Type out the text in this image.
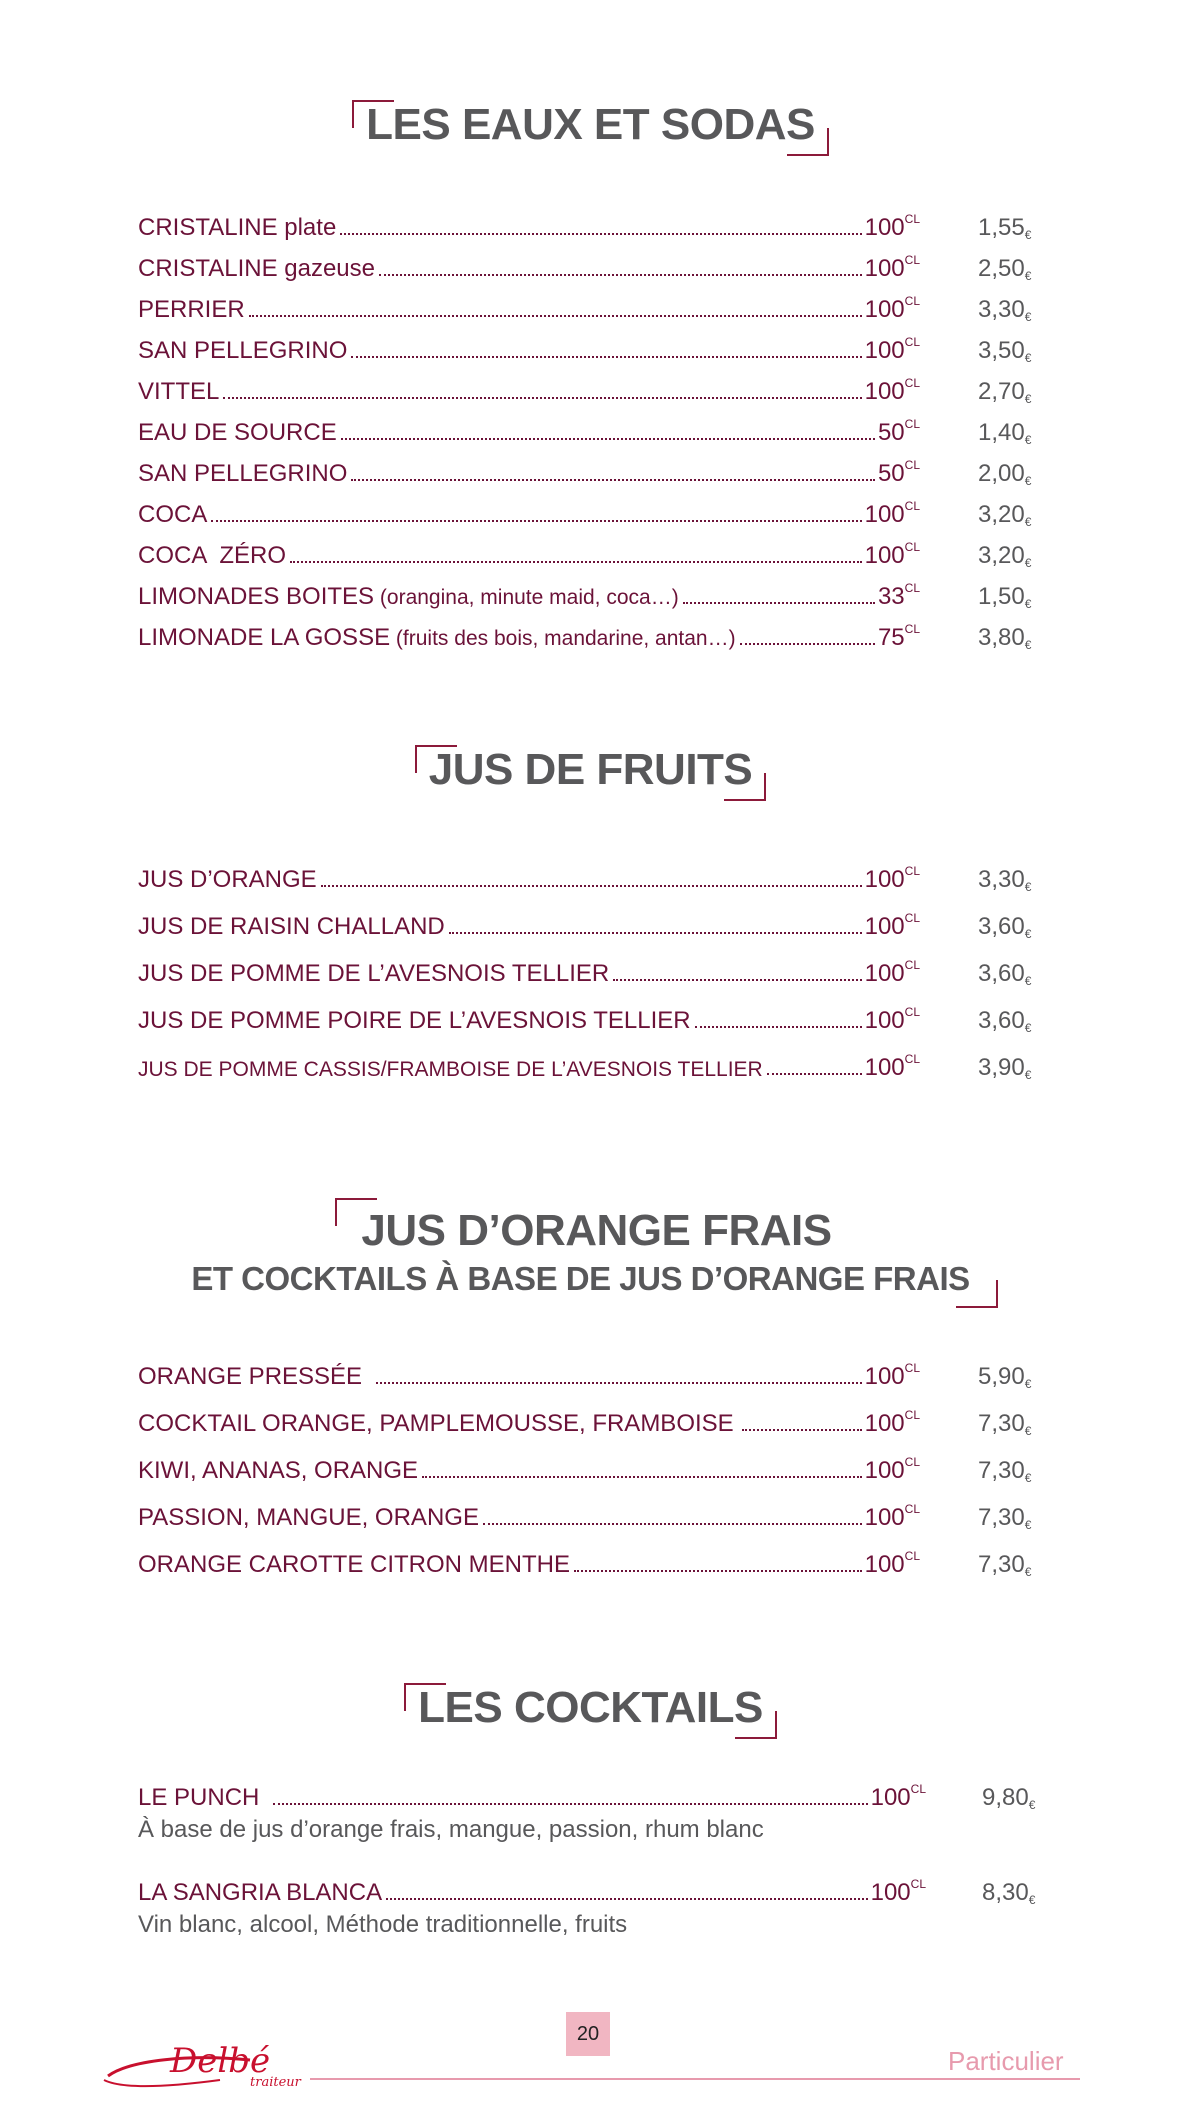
LES EAUX ET SODAS
CRISTALINE plate	$100^{CL}$ $1,55_€$
CRISTALINE gazeuse	$100^{CL}$ $2,50_€$
PERRIER	$100^{CL}$ $3,30_€$
SAN PELLEGRINO	$100^{CL}$ $3,50_€$
VITTEL	$100^{CL}$ $2,70_€$
EAU DE SOURCE	$50^{CL}$ $1,40_€$
SAN PELLEGRINO	$50^{CL}$ $2,00_€$
COCA	$100^{CL}$ $3,20_€$
COCA  ZÉRO	$100^{CL}$ $3,20_€$
LIMONADES BOITES (orangina, minute maid, coca…)	$33^{CL}$ $1,50_€$
LIMONADE LA GOSSE (fruits des bois, mandarine, antan…)	$75^{CL}$ $3,80_€$
JUS DE FRUITS
JUS D’ORANGE	$100^{CL}$ $3,30_€$
JUS DE RAISIN CHALLAND	$100^{CL}$ $3,60_€$
JUS DE POMME DE L’AVESNOIS TELLIER	$100^{CL}$ $3,60_€$
JUS DE POMME POIRE DE L’AVESNOIS TELLIER	$100^{CL}$ $3,60_€$
JUS DE POMME CASSIS/FRAMBOISE DE L’AVESNOIS TELLIER	$100^{CL}$ $3,90_€$
JUS D’ORANGE FRAIS

ET COCKTAILS À BASE DE JUS D’ORANGE FRAIS
ORANGE PRESSÉE	$100^{CL}$ $5,90_€$
COCKTAIL ORANGE, PAMPLEMOUSSE, FRAMBOISE	$100^{CL}$ $7,30_€$
KIWI, ANANAS, ORANGE	$100^{CL}$ $7,30_€$
PASSION, MANGUE, ORANGE	$100^{CL}$ $7,30_€$
ORANGE CAROTTE CITRON MENTHE	$100^{CL}$ $7,30_€$
LES COCKTAILS
LE PUNCH	$100^{CL}$ $9,80_€$
À base de jus d’orange frais, mangue, passion, rhum blanc
LA SANGRIA BLANCA	$100^{CL}$ $8,30_€$
Vin blanc, alcool, Méthode traditionnelle, fruits
Delbé
traiteur
20
Particulier
